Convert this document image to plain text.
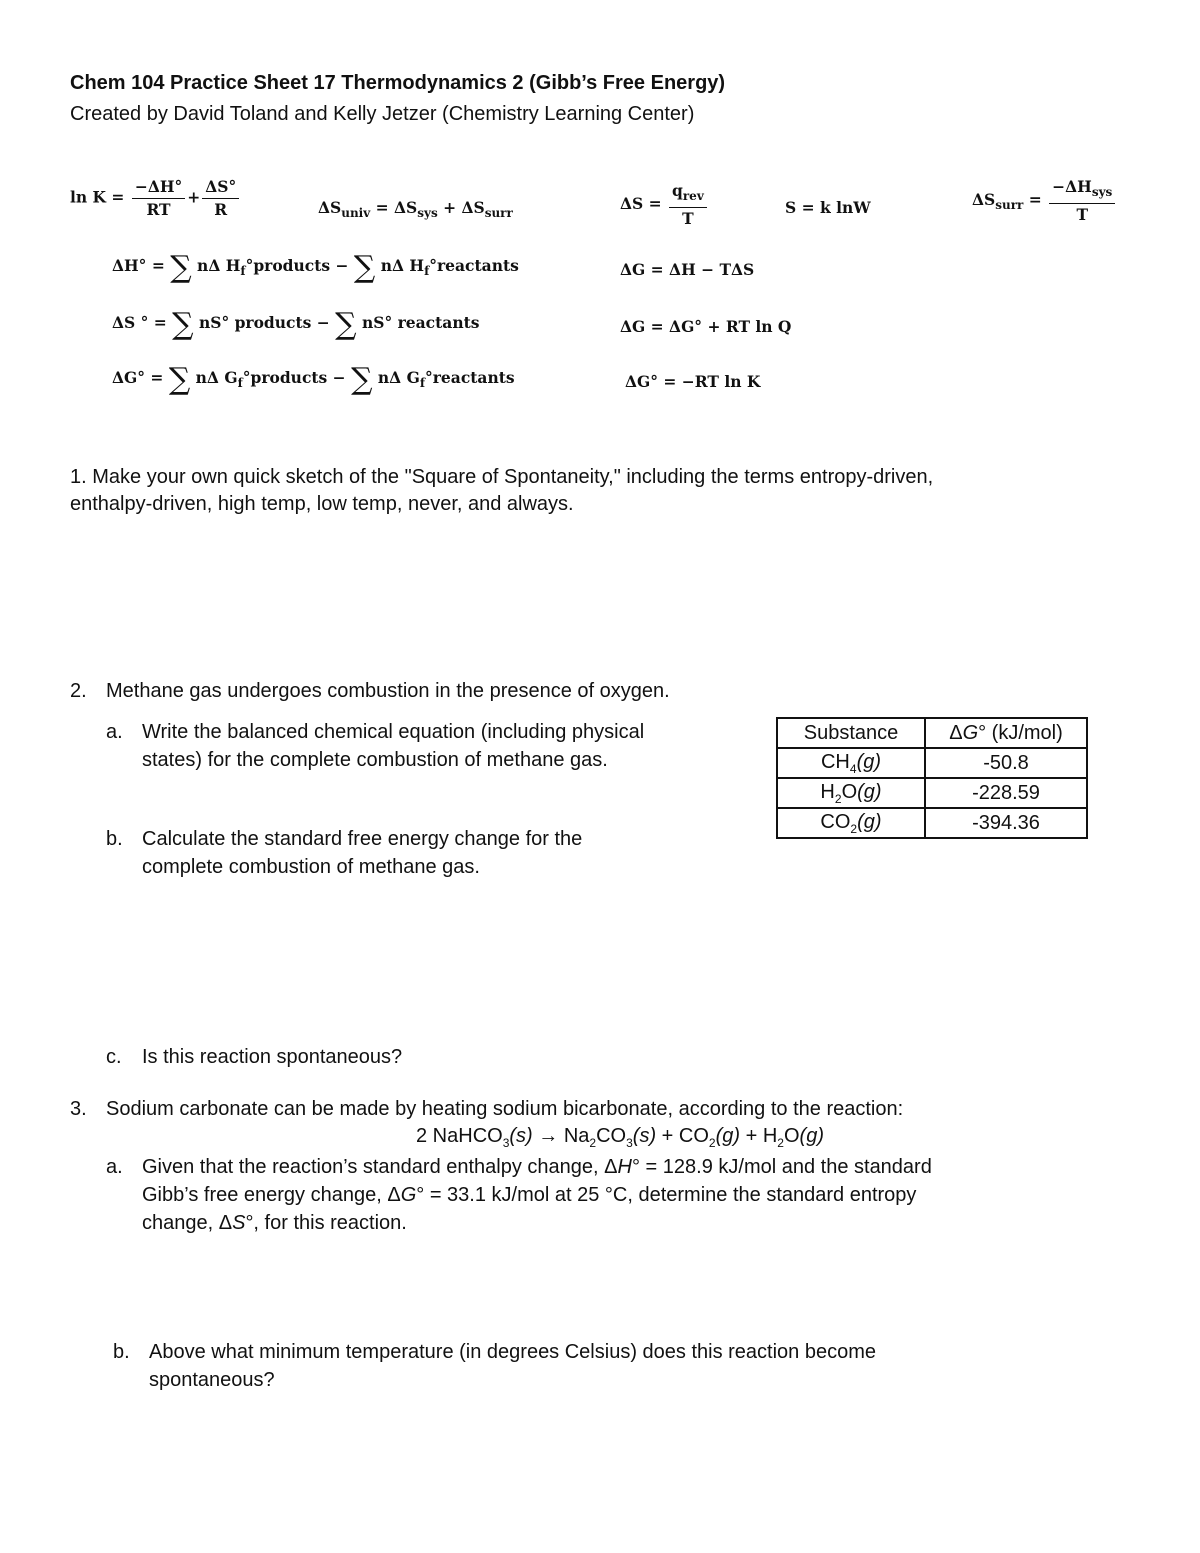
Chem 104 Practice Sheet 17 Thermodynamics 2 (Gibb’s Free Energy)
Created by David Toland and Kelly Jetzer (Chemistry Learning Center)
$\ln K = \frac{-\Delta H^\circ}{RT} + \frac{\Delta S^\circ}{R}$	$\Delta S_{univ} = \Delta S_{sys} + \Delta S_{surr}$
$\Delta S = \frac{q_{rev}}{T}$	S = k lnW	$\Delta S_{surr} = \frac{-\Delta H_{sys}}{T}$
ΔH° = ∑ nΔ $H_f^\circ products$ − ∑ nΔ $H_f^\circ reactants$
ΔS ° = ∑ nS° products − ∑ nS° reactants
ΔG° = ∑ nΔ $G_f^\circ products$ − ∑ nΔ $G_f^\circ reactants$
ΔG = ΔH − TΔS
ΔG = ΔG° + RT ln Q
ΔG° = −RT ln K
1. Make your own quick sketch of the "Square of Spontaneity," including the terms entropy-driven,
enthalpy-driven, high temp, low temp, never, and always.
2. Methane gas undergoes combustion in the presence of oxygen.
a. Write the balanced chemical equation (including physical
states) for the complete combustion of methane gas.
b. Calculate the standard free energy change for the
complete combustion of methane gas.
c. Is this reaction spontaneous?
Substance	ΔG° (kJ/mol)
$CH_4(g)$	-50.8
$H_2O(g)$	-228.59
$CO_2(g)$	-394.36
3. Sodium carbonate can be made by heating sodium bicarbonate, according to the reaction:
2 NaHCO$_3$(s) → $Na_2CO_3(s) + CO_2(g) + H_2O(g)$
a. Given that the reaction’s standard enthalpy change, ΔH° = 128.9 kJ/mol and the standard
Gibb’s free energy change, ΔG° = 33.1 kJ/mol at 25 °C, determine the standard entropy
change, ΔS°, for this reaction.
b. Above what minimum temperature (in degrees Celsius) does this reaction become
spontaneous?
